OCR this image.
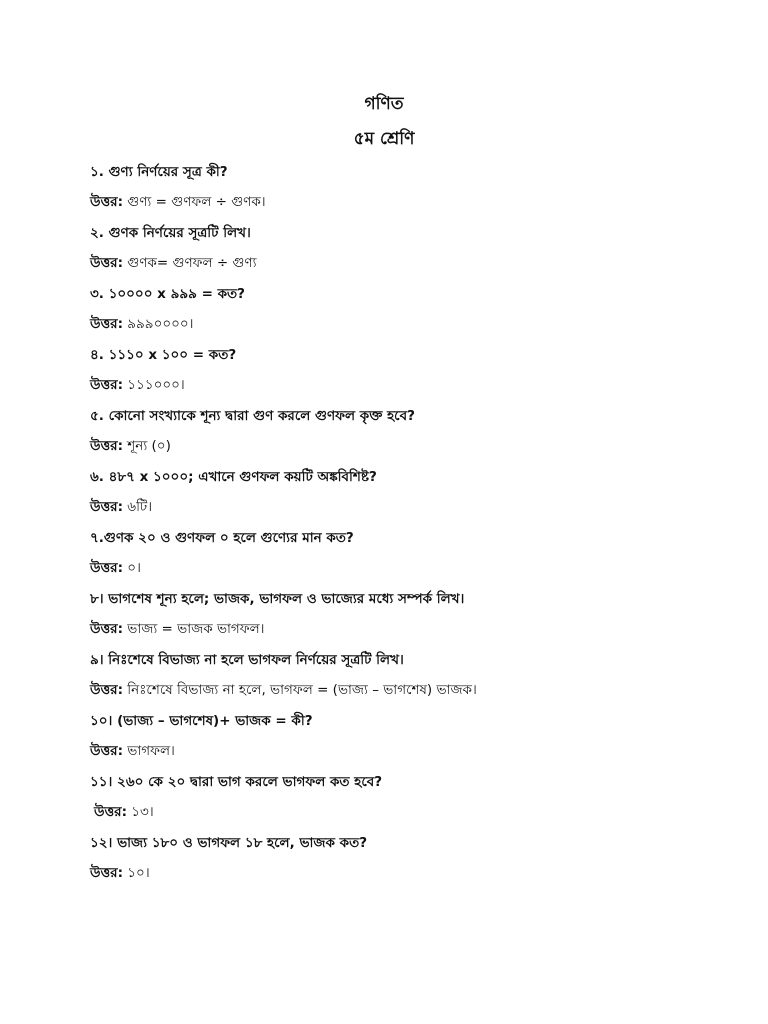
গণিত
৫ম শ্রেণি

১. গুণ্য নির্ণয়ের সূত্র কী?

উত্তর: গুণ্য = গুণফল ÷ গুণক।

২. গুণক নির্ণয়ের সূত্রটি লিখ।

উত্তর: গুণক= গুণফল ÷ গুণ্য

৩. ১০০০০ x ৯৯৯ = কত?

উত্তর: ৯৯৯০০০০।

৪. ১১১০ x ১০০ = কত?

উত্তর: ১১১০০০।

৫. কোনো সংখ্যাকে শূন্য দ্বারা গুণ করলে গুণফল কৃক্ত হবে?

উত্তর: শূন্য (০)

৬. ৪৮৭ x ১০০০; এখানে গুণফল কয়টি অঙ্কবিশিষ্ট?

উত্তর: ৬টি।

৭.গুণক ২০ ও গুণফল ০ হলে গুণ্যের মান কত?

উত্তর: ০।

৮। ভাগশেষ শূন্য হলে; ভাজক, ভাগফল ও ভাজ্যের মধ্যে সম্পর্ক লিখ।

উত্তর: ভাজ্য = ভাজক ভাগফল।

৯। নিঃশেষে বিভাজ্য না হলে ভাগফল নির্ণয়ের সূত্রটি লিখ।

উত্তর: নিঃশেষে বিভাজ্য না হলে, ভাগফল = (ভাজ্য – ভাগশেষ) ভাজক।

১০। (ভাজ্য – ভাগশেষ)+ ভাজক = কী?

উত্তর: ভাগফল।

১১। ২৬০ কে ২০ দ্বারা ভাগ করলে ভাগফল কত হবে?

উত্তর: ১৩।

১২। ভাজ্য ১৮০ ও ভাগফল ১৮ হলে, ভাজক কত?

উত্তর: ১০।
